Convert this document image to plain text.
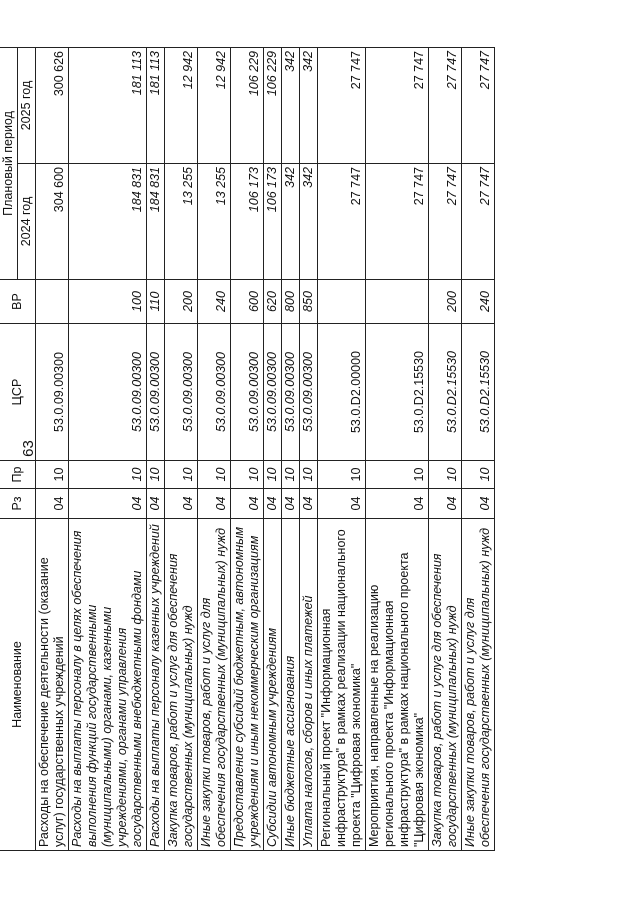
63
Наименование	Рз	Пр	ЦСР	ВР	Плановый период	
					2024 год	2025 год
Расходы на обеспечение деятельности (оказание услуг) государственных учреждений	04	10	53.0.09.00300		304 600	300 626
Расходы на выплаты персоналу в целях обеспечения выполнения функций государственными (муниципальными) органами, казенными учреждениями, органами управления государственными внебюджетными фондами	04	10	53.0.09.00300	100	184 831	181 113
Расходы на выплаты персоналу казенных учреждений	04	10	53.0.09.00300	110	184 831	181 113
Закупка товаров, работ и услуг для обеспечения государственных (муниципальных) нужд	04	10	53.0.09.00300	200	13 255	12 942
Иные закупки товаров, работ и услуг для обеспечения государственных (муниципальных) нужд	04	10	53.0.09.00300	240	13 255	12 942
Предоставление субсидий бюджетным, автономным учреждениям и иным некоммерческим организациям	04	10	53.0.09.00300	600	106 173	106 229
Субсидии автономным учреждениям	04	10	53.0.09.00300	620	106 173	106 229
Иные бюджетные ассигнования	04	10	53.0.09.00300	800	342	342
Уплата налогов, сборов и иных платежей	04	10	53.0.09.00300	850	342	342
Региональный проект "Информационная инфраструктура" в рамках реализации национального проекта "Цифровая экономика"	04	10	53.0.D2.00000		27 747	27 747
Мероприятия, направленные на реализацию регионального проекта "Информационная инфраструктура" в рамках национального проекта "Цифровая экономика"	04	10	53.0.D2.15530		27 747	27 747
Закупка товаров, работ и услуг для обеспечения государственных (муниципальных) нужд	04	10	53.0.D2.15530	200	27 747	27 747
Иные закупки товаров, работ и услуг для обеспечения государственных (муниципальных) нужд	04	10	53.0.D2.15530	240	27 747	27 747
